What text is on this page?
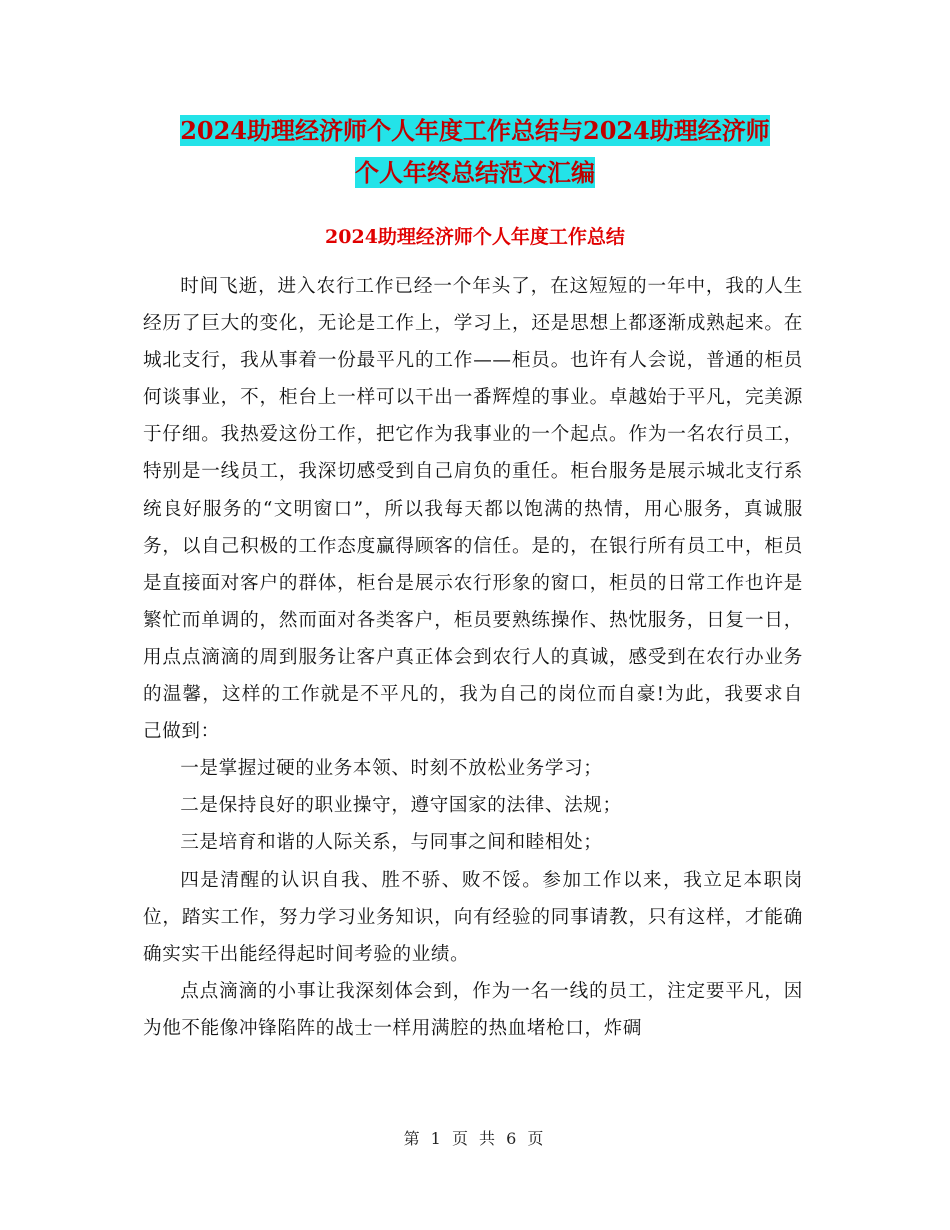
2024助理经济师个人年度工作总结与2024助理经济师
个人年终总结范文汇编
2024助理经济师个人年度工作总结

时间飞逝，进入农行工作已经一个年头了，在这短短的一年中，我的人生经历了巨大的变化，无论是工作上，学习上，还是思想上都逐渐成熟起来。在城北支行，我从事着一份最平凡的工作——柜员。也许有人会说，普通的柜员何谈事业，不，柜台上一样可以干出一番辉煌的事业。卓越始于平凡，完美源于仔细。我热爱这份工作，把它作为我事业的一个起点。作为一名农行员工，特别是一线员工，我深切感受到自己肩负的重任。柜台服务是展示城北支行系统良好服务的“文明窗口”，所以我每天都以饱满的热情，用心服务，真诚服务，以自己积极的工作态度赢得顾客的信任。是的，在银行所有员工中，柜员是直接面对客户的群体，柜台是展示农行形象的窗口，柜员的日常工作也许是繁忙而单调的，然而面对各类客户，柜员要熟练操作、热忱服务，日复一日，用点点滴滴的周到服务让客户真正体会到农行人的真诚，感受到在农行办业务的温馨，这样的工作就是不平凡的，我为自己的岗位而自豪!为此，我要求自己做到：

一是掌握过硬的业务本领、时刻不放松业务学习；

二是保持良好的职业操守，遵守国家的法律、法规；

三是培育和谐的人际关系，与同事之间和睦相处；

四是清醒的认识自我、胜不骄、败不馁。参加工作以来，我立足本职岗位，踏实工作，努力学习业务知识，向有经验的同事请教，只有这样，才能确确实实干出能经得起时间考验的业绩。

点点滴滴的小事让我深刻体会到，作为一名一线的员工，注定要平凡，因为他不能像冲锋陷阵的战士一样用满腔的热血堵枪口，炸碉

第 1 页 共 6 页
